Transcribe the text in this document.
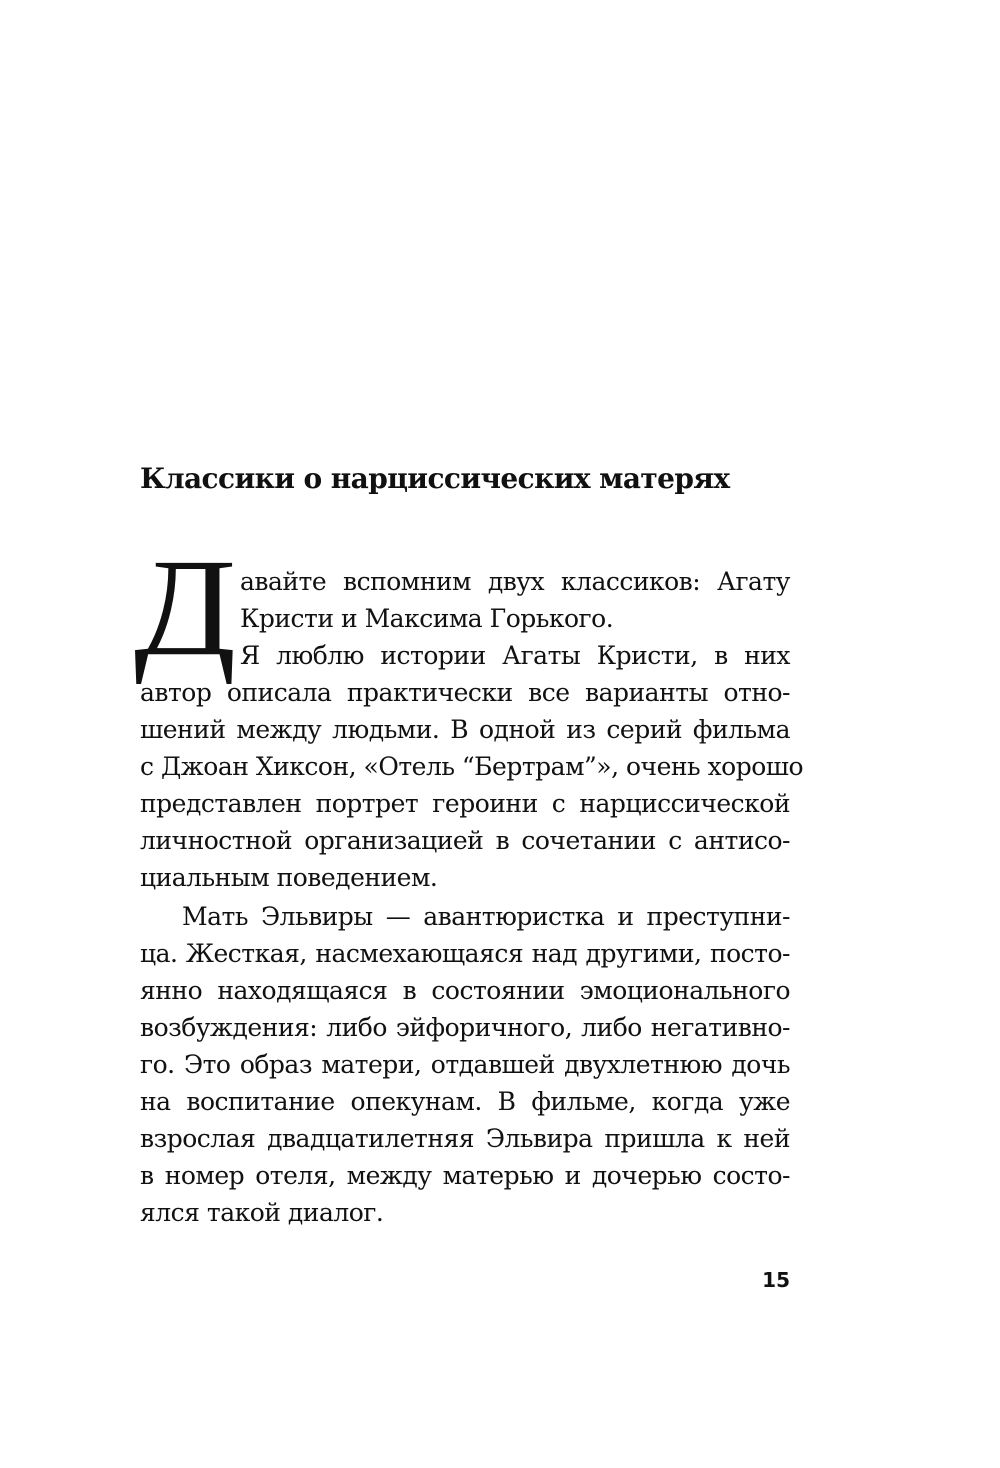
Классики о нарциссических матерях
Д авайте вспомним двух классиков: Агату
Кристи и Максима Горького.
Я люблю истории Агаты Кристи, в них
автор описала практически все варианты отно-
шений между людьми. В одной из серий фильма
с Джоан Хиксон, «Отель “Бертрам”», очень хорошо
представлен портрет героини с нарциссической
личностной организацией в сочетании с антисо-
циальным поведением.
Мать Эльвиры — авантюристка и преступни-
ца. Жесткая, насмехающаяся над другими, посто-
янно находящаяся в состоянии эмоционального
возбуждения: либо эйфоричного, либо негативно-
го. Это образ матери, отдавшей двухлетнюю дочь
на воспитание опекунам. В фильме, когда уже
взрослая двадцатилетняя Эльвира пришла к ней
в номер отеля, между матерью и дочерью состо-
ялся такой диалог.
15
